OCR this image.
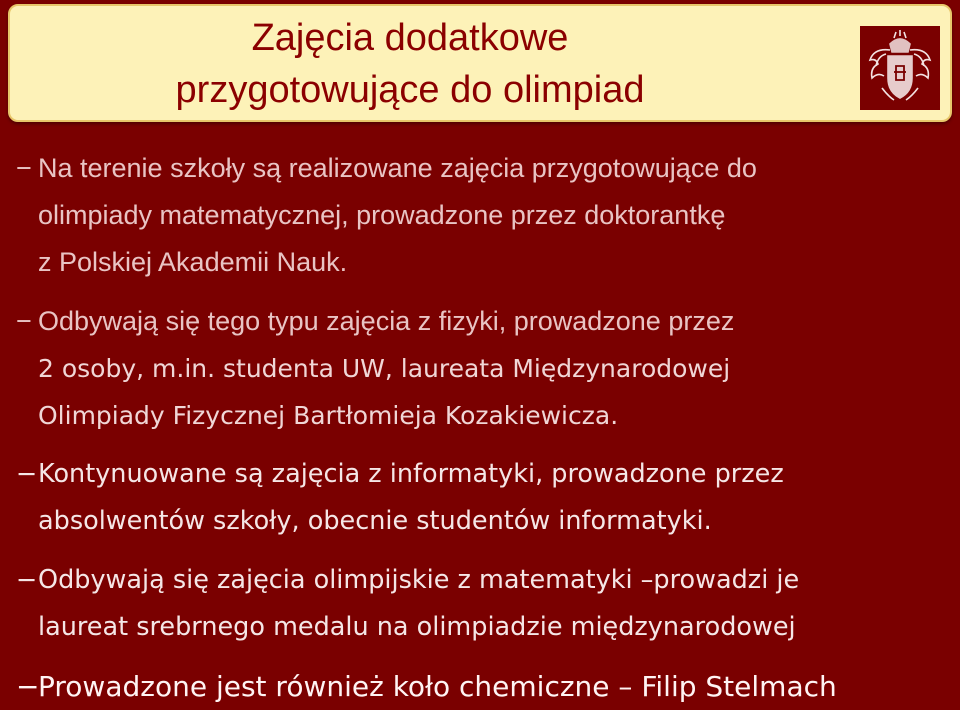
Zajęcia dodatkowe
przygotowujące do olimpiad
− Na terenie szkoły są realizowane zajęcia przygotowujące do
olimpiady matematycznej, prowadzone przez doktorantkę
z Polskiej Akademii Nauk.
− Odbywają się tego typu zajęcia z fizyki, prowadzone przez
2 osoby, m.in. studenta UW, laureata Międzynarodowej
Olimpiady Fizycznej Bartłomieja Kozakiewicza.
− Kontynuowane są zajęcia z informatyki, prowadzone przez
absolwentów szkoły, obecnie studentów informatyki.
− Odbywają się zajęcia olimpijskie z matematyki –prowadzi je
laureat srebrnego medalu na olimpiadzie międzynarodowej
−
Prowadzone jest również koło chemiczne – Filip Stelmach
